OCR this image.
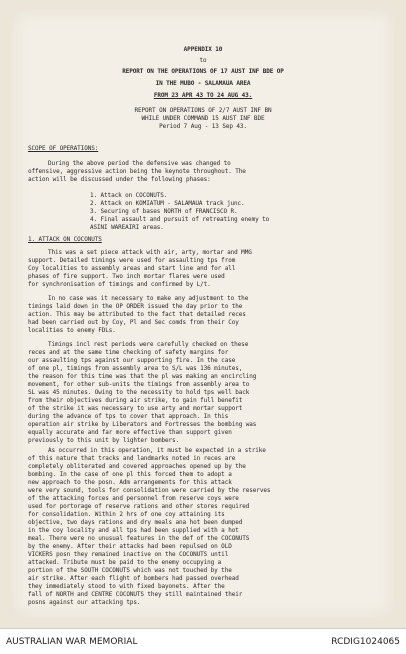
APPENDIX 10
to
REPORT ON THE OPERATIONS OF 17 AUST INF BDE OP
IN THE MUBO - SALAMAUA AREA
FROM 23 APR 43 TO 24 AUG 43.
REPORT ON OPERATIONS OF 2/7 AUST INF BN
WHILE UNDER COMMAND 15 AUST INF BDE
Period 7 Aug - 13 Sep 43.
SCOPE OF OPERATIONS:
During the above period the defensive was changed to
offensive, aggressive action being the keynote throughout. The
action will be discussed under the following phases:
1. Attack on COCONUTS.
2. Attack on KOMIATUM - SALAMAUA track junc.
3. Securing of bases NORTH of FRANCISCO R.
4. Final assault and pursuit of retreating enemy to
ASINI WAREAIRI areas.
1. ATTACK ON COCONUTS
This was a set piece attack with air, arty, mortar and MMG
support. Detailed timings were used for assaulting tps from
Coy localities to assembly areas and start line and for all
phases of fire support. Two inch mortar flares were used
for synchronisation of timings and confirmed by L/t.
In no case was it necessary to make any adjustment to the
timings laid down in the OP ORDER issued the day prior to the
action. This may be attributed to the fact that detailed reces
had been carried out by Coy, Pl and Sec comds from their Coy
localities to enemy FDLs.
Timings incl rest periods were carefully checked on these
reces and at the same time checking of safety margins for
our assaulting tps against our supporting fire. In the case
of one pl, timings from assembly area to S/L was 136 minutes,
the reason for this time was that the pl was making an encircling
movement, for other sub-units the timings from assembly area to
SL was 45 minutes. Owing to the necessity to hold tps well back
from their objectives during air strike, to gain full benefit
of the strike it was necessary to use arty and mortar support
during the advance of tps to cover that approach. In this
operation air strike by Liberators and Fortresses the bombing was
equally accurate and far more effective than support given
previously to this unit by lighter bombers.
As occurred in this operation, it must be expected in a strike
of this nature that tracks and landmarks noted in reces are
completely obliterated and covered approaches opened up by the
bombing. In the case of one pl this forced them to adopt a
new approach to the posn. Adm arrangements for this attack
were very sound, tools for consolidation were carried by the reserves
of the attacking forces and personnel from reserve coys were
used for portorage of reserve rations and other stores required
for consolidation. Within 2 hrs of one coy attaining its
objective, two days rations and dry meals ana hot been dumped
in the coy locality and all tps had been supplied with a hot
meal. There were no unusual features in the def of the COCONUTS
by the enemy. After their attacks had been repulsed on OLD
VICKERS posn they remained inactive on the COCONUTS until
attacked. Tribute must be paid to the enemy occupying a
portion of the SOUTH COCONUTS which was not touched by the
air strike. After each flight of bombers had passed overhead
they immediately stood to with fixed bayonets. After the
fall of NORTH and CENTRE COCONUTS they still maintained their
posns against our attacking tps.
AUSTRALIAN WAR MEMORIAL	RCDIG1024065
